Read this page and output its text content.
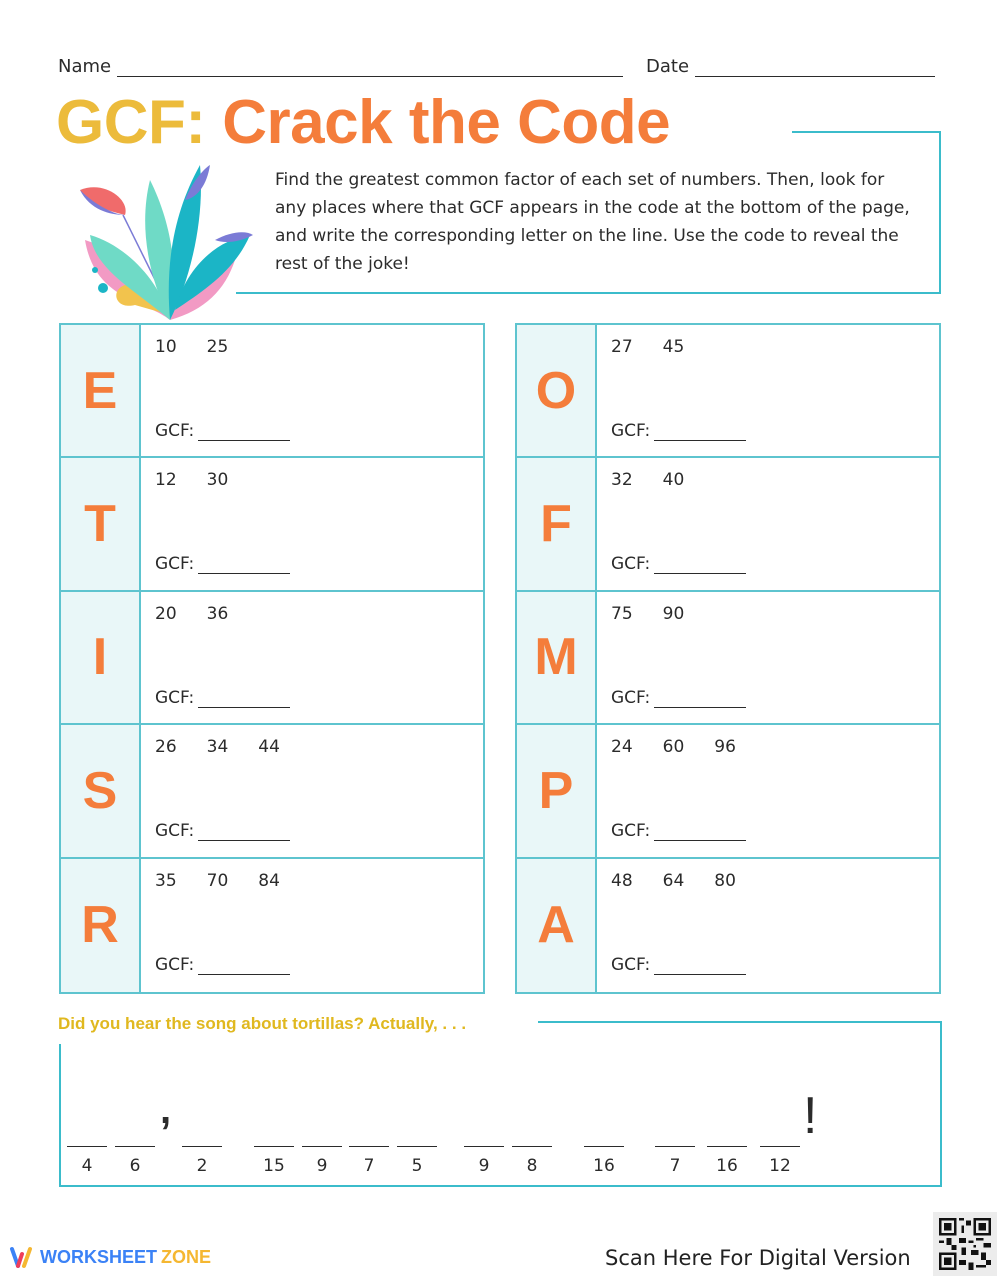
Name	Date
GCF: Crack the Code
Find the greatest common factor of each set of numbers. Then, look for any places where that GCF appears in the code at the bottom of the page, and write the corresponding letter on the line. Use the code to reveal the rest of the joke!
E
10 25
GCF:
T
12 30
GCF:
I
20 36
GCF:
S
26 34 44
GCF:
R
35 70 84
GCF:
O
27 45
GCF:
F
32 40
GCF:
M
75 90
GCF:
P
24 60 96
GCF:
A
48 64 80
GCF:
Did you hear the song about tortillas? Actually, . . .
4	6
,
2	15	9	7	5	9	8	16	7	16	12
!
WORKSHEET ZONE	Scan Here For Digital Version
